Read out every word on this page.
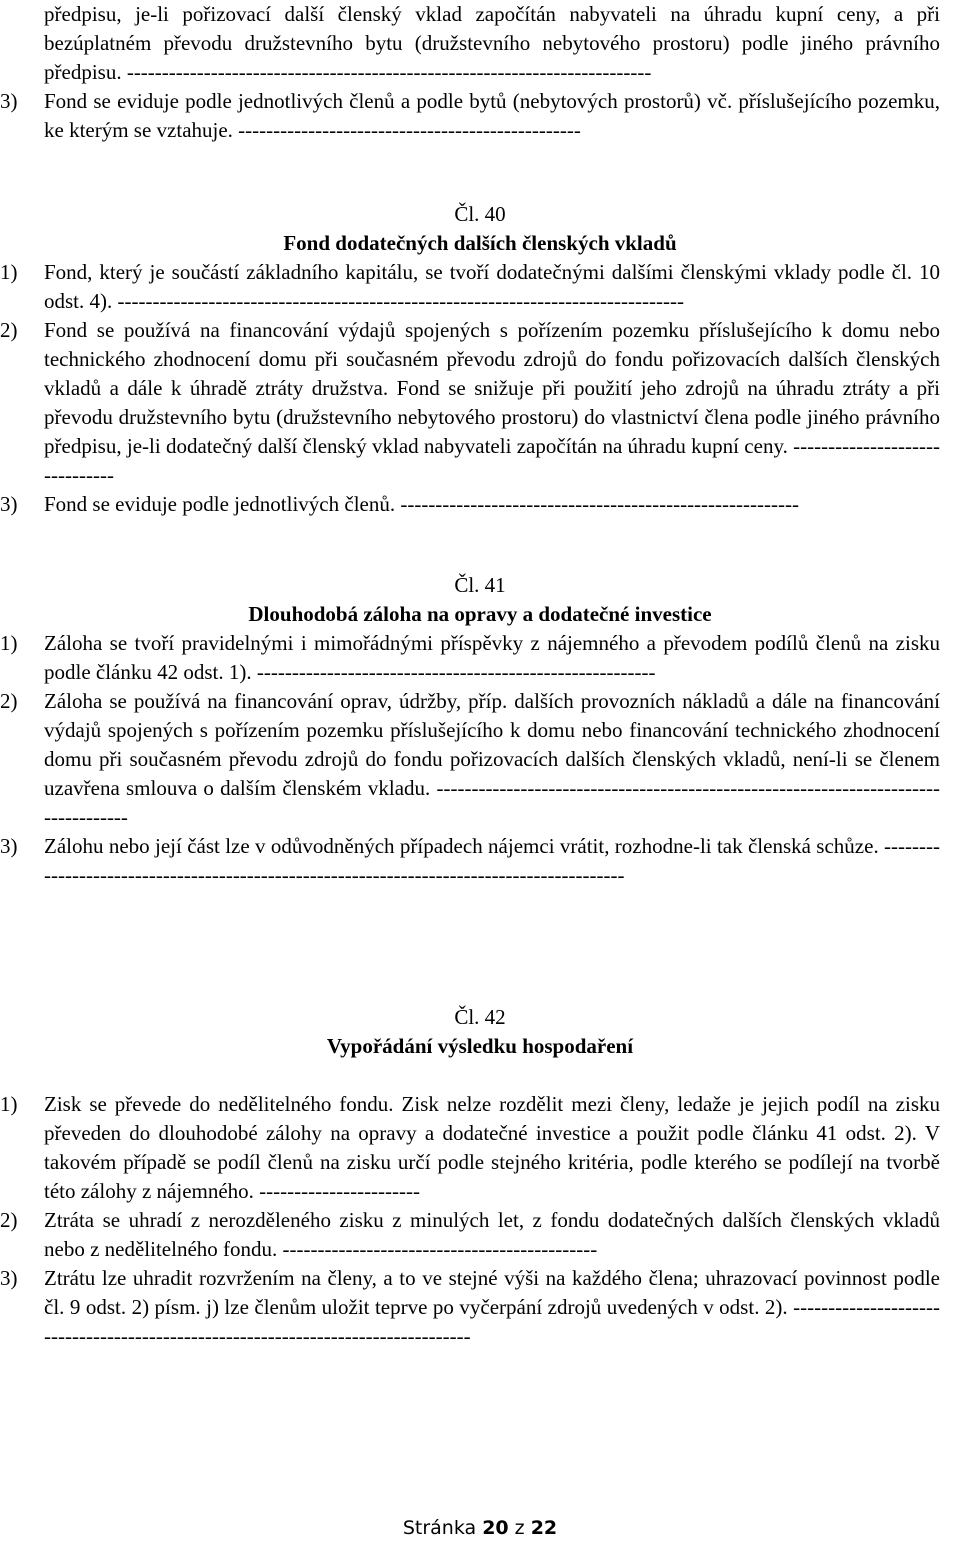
předpisu, je-li pořizovací další členský vklad započítán nabyvateli na úhradu kupní ceny, a při bezúplatném převodu družstevního bytu (družstevního nebytového prostoru) podle jiného právního předpisu. ---------------------------------------------------------------------------
3)	Fond se eviduje podle jednotlivých členů a podle bytů (nebytových prostorů) vč. příslušejícího pozemku, ke kterým se vztahuje. -------------------------------------------------
Čl. 40
Fond dodatečných dalších členských vkladů
1)	Fond, který je součástí základního kapitálu, se tvoří dodatečnými dalšími členskými vklady podle čl. 10 odst. 4). ---------------------------------------------------------------------------------
2)	Fond se používá na financování výdajů spojených s pořízením pozemku příslušejícího k domu nebo technického zhodnocení domu při současném převodu zdrojů do fondu pořizovacích dalších členských vkladů a dále k úhradě ztráty družstva. Fond se snižuje při použití jeho zdrojů na úhradu ztráty a při převodu družstevního bytu (družstevního nebytového prostoru) do vlastnictví člena podle jiného právního předpisu, je-li dodatečný další členský vklad nabyvateli započítán na úhradu kupní ceny. -------------------------------
3)	Fond se eviduje podle jednotlivých členů. ---------------------------------------------------------
Čl. 41
Dlouhodobá záloha na opravy a dodatečné investice
1)	Záloha se tvoří pravidelnými i mimořádnými příspěvky z nájemného a převodem podílů členů na zisku podle článku 42 odst. 1). ---------------------------------------------------------
2)	Záloha se používá na financování oprav, údržby, příp. dalších provozních nákladů a dále na financování výdajů spojených s pořízením pozemku příslušejícího k domu nebo financování technického zhodnocení domu při současném převodu zdrojů do fondu pořizovacích dalších členských vkladů, není-li se členem uzavřena smlouva o dalším členském vkladu. ------------------------------------------------------------------------------------
3)	Zálohu nebo její část lze v odůvodněných případech nájemci vrátit, rozhodne-li tak členská schůze. -------------------------------------------------------------------------------------------
Čl. 42
Vypořádání výsledku hospodaření
1)	Zisk se převede do nedělitelného fondu. Zisk nelze rozdělit mezi členy, ledaže je jejich podíl na zisku převeden do dlouhodobé zálohy na opravy a dodatečné investice a použit podle článku 41 odst. 2). V takovém případě se podíl členů na zisku určí podle stejného kritéria, podle kterého se podílejí na tvorbě této zálohy z nájemného. -----------------------
2)	Ztráta se uhradí z nerozděleného zisku z minulých let, z fondu dodatečných dalších členských vkladů nebo z nedělitelného fondu. ---------------------------------------------
3)	Ztrátu lze uhradit rozvržením na členy, a to ve stejné výši na každého člena; uhrazovací povinnost podle čl. 9 odst. 2) písm. j) lze členům uložit teprve po vyčerpání zdrojů uvedených v odst. 2). ----------------------------------------------------------------------------------
Stránka 20 z 22
